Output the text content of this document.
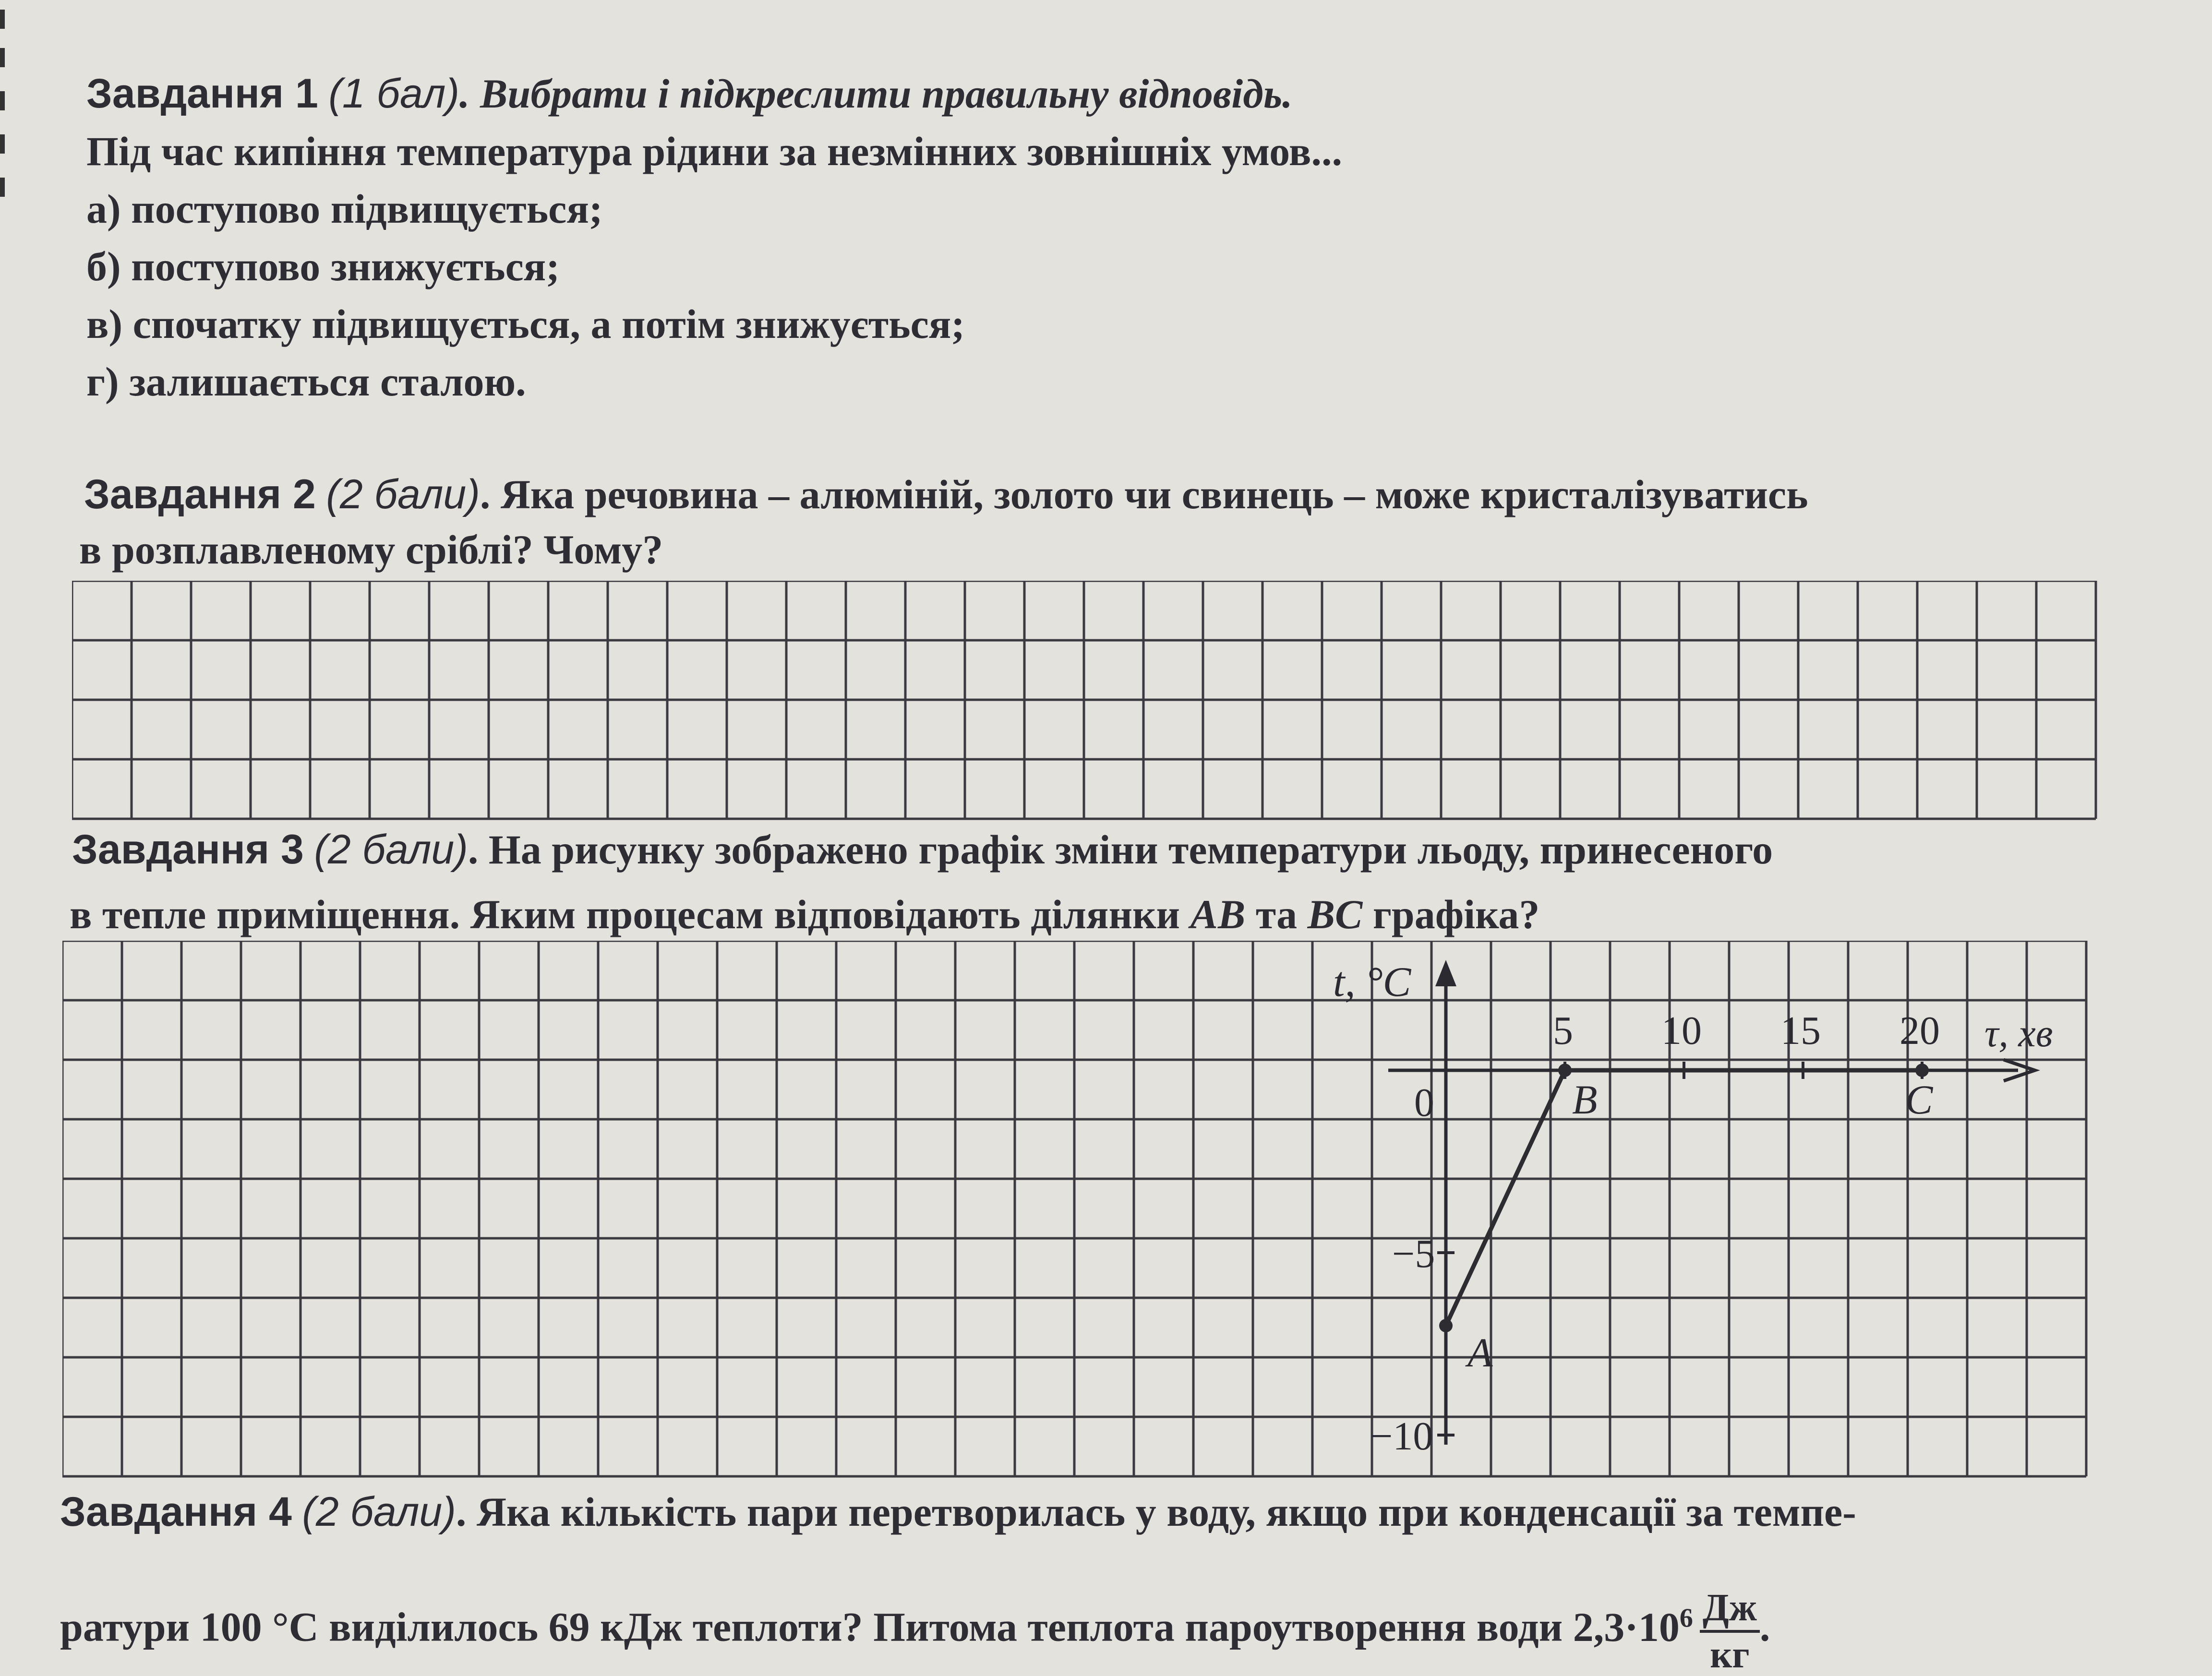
Завдання 1 (1 бал). Вибрати і підкреслити правильну відповідь.
Під час кипіння температура рідини за незмінних зовнішніх умов...
а) поступово підвищується;
б) поступово знижується;
в) спочатку підвищується, а потім знижується;
г) залишається сталою.
Завдання 2 (2 бали). Яка речовина – алюміній, золото чи свинець – може кристалізуватись
в розплавленому сріблі? Чому?
Завдання 3 (2 бали). На рисунку зображено графік зміни температури льоду, принесеного
в тепле приміщення. Яким процесам відповідають ділянки AB та BC графіка?
t, °С
τ, хв
5 10 15 20
0
−5
−10
A
B	C
Завдання 4 (2 бали). Яка кількість пари перетворилась у воду, якщо при конденсації за темпе-
ратури 100 °С виділилось 69 кДж теплоти? Питома теплота пароутворення води $2,3\cdot 10^6 \frac{Дж}{кг}$ .
